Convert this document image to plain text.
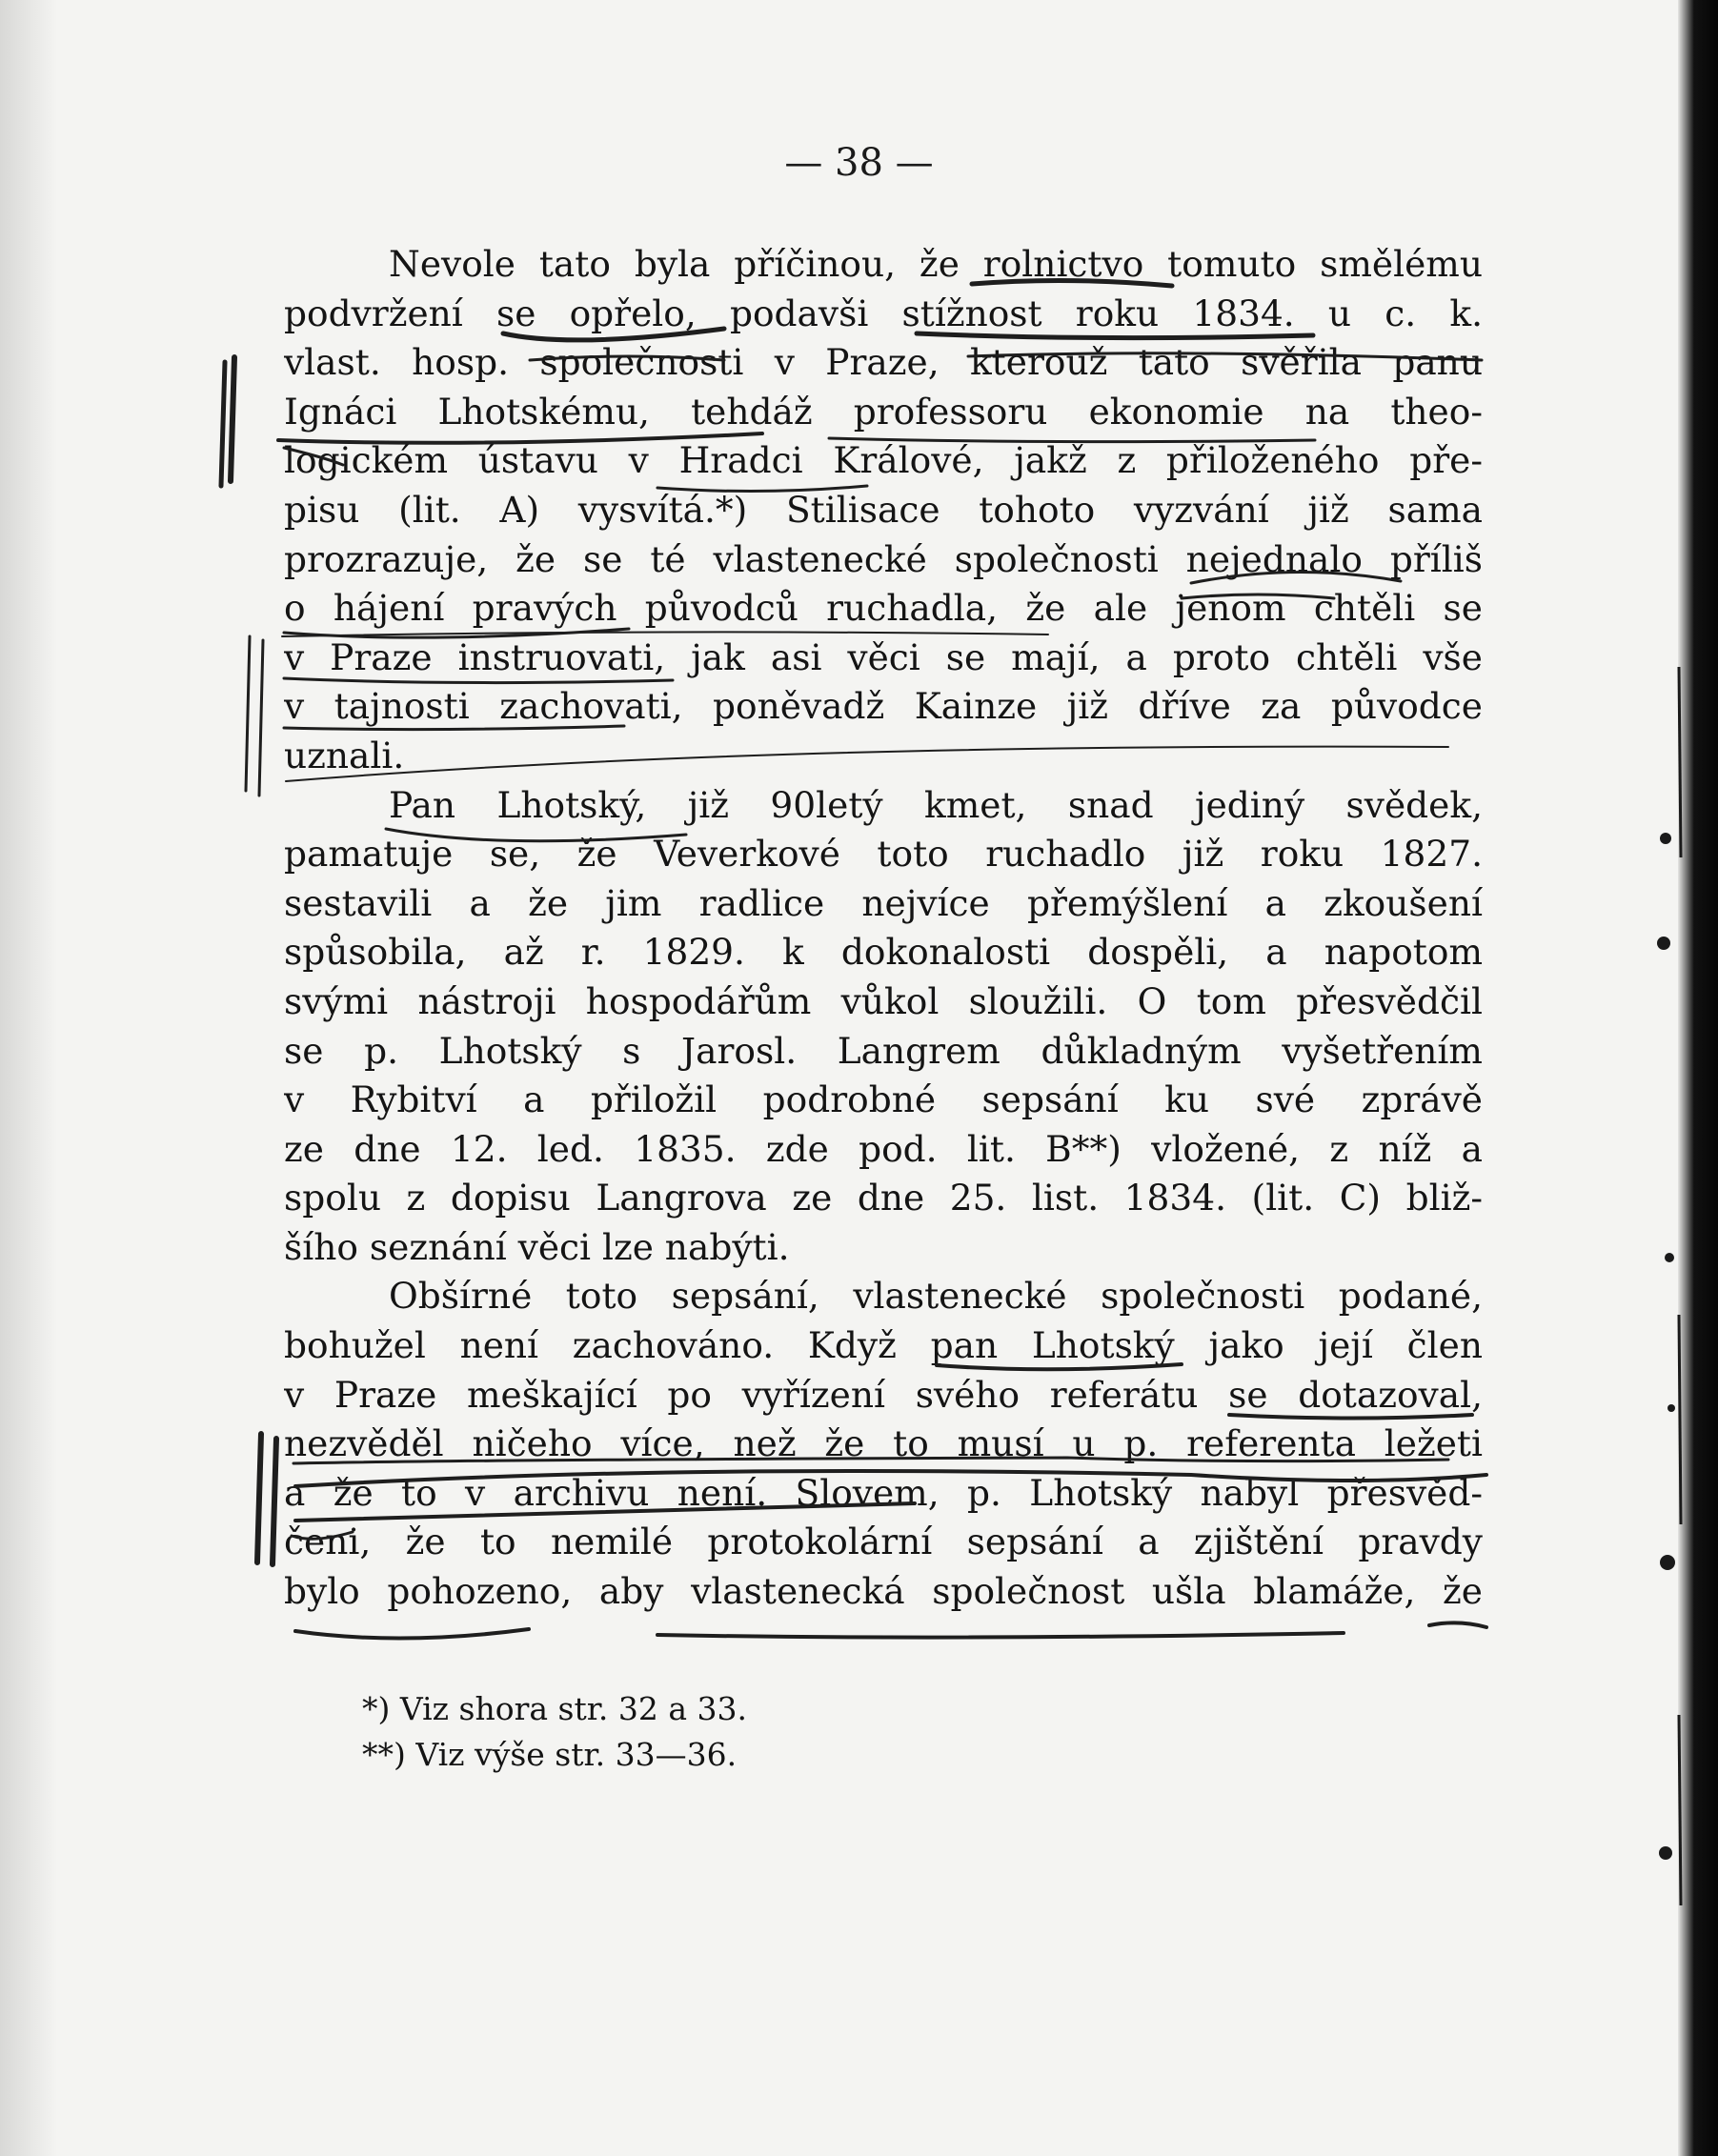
— 38 —
Nevole tato byla příčinou, že rolnictvo tomuto smělému
podvržení se opřelo, podavši stížnost roku 1834. u c. k.
vlast. hosp. společnosti v Praze, kterouž tato svěřila panu
Ignáci Lhotskému, tehdáž professoru ekonomie na theo-
logickém ústavu v Hradci Králové, jakž z přiloženého pře-
pisu (lit. A) vysvítá.*) Stilisace tohoto vyzvání již sama
prozrazuje, že se té vlastenecké společnosti nejednalo příliš
o hájení pravých původců ruchadla, že ale jenom chtěli se
v Praze instruovati, jak asi věci se mají, a proto chtěli vše
v tajnosti zachovati, poněvadž Kainze již dříve za původce
uznali.
Pan Lhotský, již 90letý kmet, snad jediný svědek,
pamatuje se, že Veverkové toto ruchadlo již roku 1827.
sestavili a že jim radlice nejvíce přemýšlení a zkoušení
spůsobila, až r. 1829. k dokonalosti dospěli, a napotom
svými nástroji hospodářům vůkol sloužili. O tom přesvědčil
se p. Lhotský s Jarosl. Langrem důkladným vyšetřením
v Rybitví a přiložil podrobné sepsání ku své zprávě
ze dne 12. led. 1835. zde pod. lit. B**) vložené, z níž a
spolu z dopisu Langrova ze dne 25. list. 1834. (lit. C) bliž-
šího seznání věci lze nabýti.
Obšírné toto sepsání, vlastenecké společnosti podané,
bohužel není zachováno. Když pan Lhotský jako její člen
v Praze meškající po vyřízení svého referátu se dotazoval,
nezvěděl ničeho více, než že to musí u p. referenta ležeti
a že to v archivu není. Slovem, p. Lhotský nabyl přesvěd-
čeni, že to nemilé protokolární sepsání a zjištění pravdy
bylo pohozeno, aby vlastenecká společnost ušla blamáže, že
*) Viz shora str. 32 a 33.
**) Viz výše str. 33—36.
